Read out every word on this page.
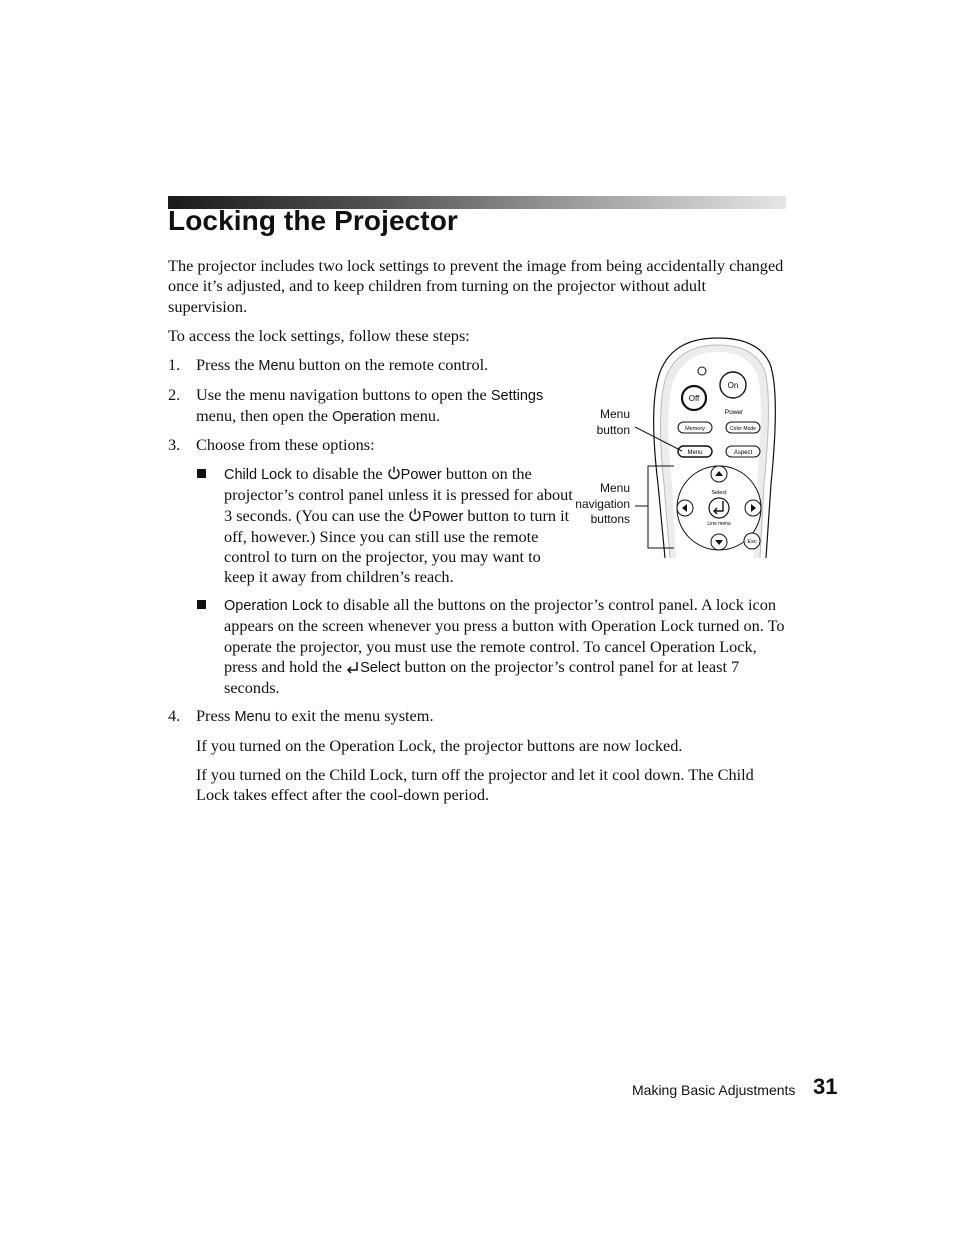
Locking the Projector

The projector includes two lock settings to prevent the image from being accidentally changed once it’s adjusted, and to keep children from turning on the projector without adult supervision.

To access the lock settings, follow these steps:

1. Press the Menu button on the remote control.

2. Use the menu navigation buttons to open the Settings menu, then open the Operation menu.

3. Choose from these options:

Child Lock to disable the Power button on the projector’s control panel unless it is pressed for about 3 seconds. (You can use the Power button to turn it off, however.) Since you can still use the remote control to turn on the projector, you may want to keep it away from children’s reach.

Operation Lock to disable all the buttons on the projector’s control panel. A lock icon appears on the screen whenever you press a button with Operation Lock turned on. To operate the projector, you must use the remote control. To cancel Operation Lock, press and hold the Select button on the projector’s control panel for at least 7 seconds.

4. Press Menu to exit the menu system.

If you turned on the Operation Lock, the projector buttons are now locked.

If you turned on the Child Lock, turn off the projector and let it cool down. The Child Lock takes effect after the cool-down period.

Menu
button
Menu
navigation
buttons
On
Off
Power
Memory	Color Mode
Menu	Aspect
Select
Line menu
Esc
Making Basic Adjustments 31
